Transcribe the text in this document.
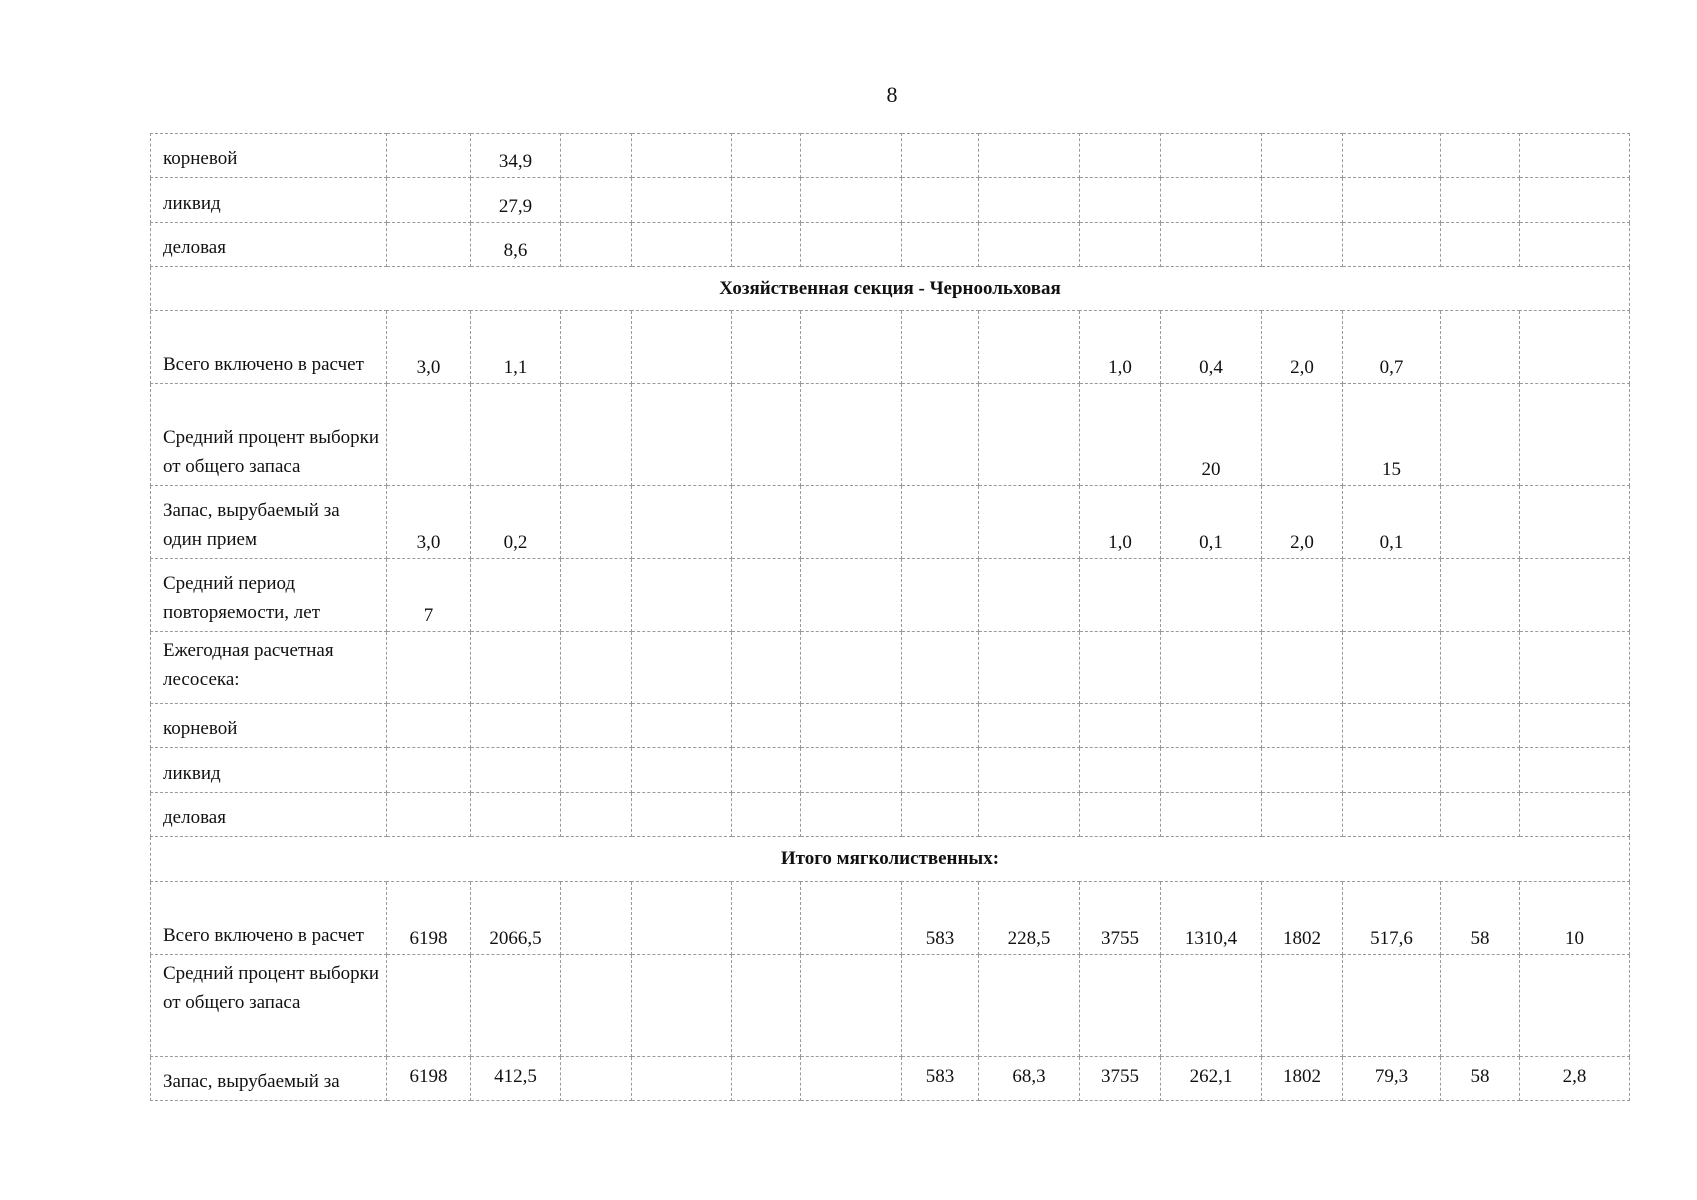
8
корневой		34,9												
ликвид		27,9												
деловая		8,6												
Хозяйственная секция - Черноольховая														
Всего включено в расчет	3,0	1,1							1,0	0,4	2,0	0,7		
Средний процент выборки от общего запаса										20		15		
Запас, вырубаемый за один прием	3,0	0,2							1,0	0,1	2,0	0,1		
Средний период повторяемости, лет	7													
Ежегодная расчетная лесосека:														
корневой														
ликвид														
деловая														
Итого мягколиственных:														
Всего включено в расчет	6198	2066,5					583	228,5	3755	1310,4	1802	517,6	58	10
Средний процент выборки от общего запаса														
Запас, вырубаемый за	6198	412,5					583	68,3	3755	262,1	1802	79,3	58	2,8
